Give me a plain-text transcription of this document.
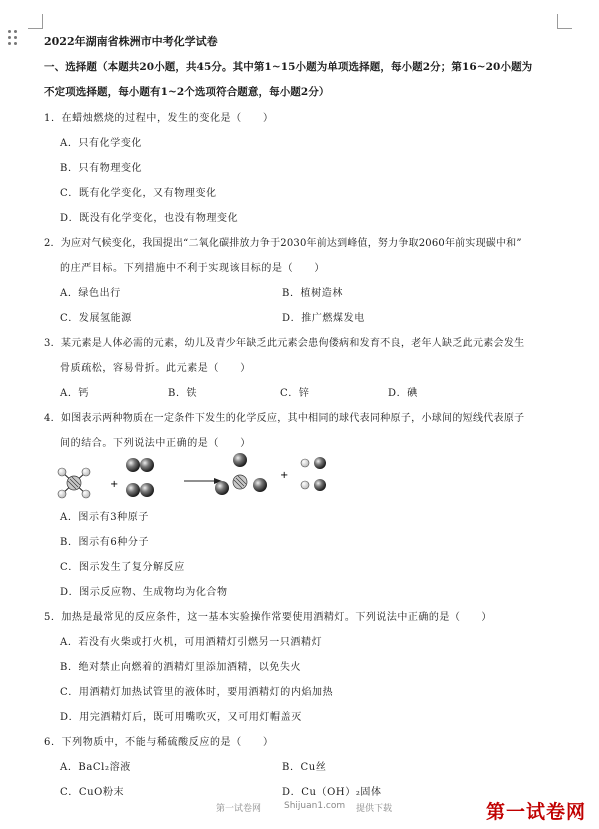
2022年湖南省株洲市中考化学试卷
一、选择题（本题共20小题，共45分。其中第1~15小题为单项选择题，每小题2分；第16~20小题为
不定项选择题，每小题有1~2个选项符合题意，每小题2分）
1．在蜡烛燃烧的过程中，发生的变化是（　　）
A．只有化学变化
B．只有物理变化
C．既有化学变化，又有物理变化
D．既没有化学变化，也没有物理变化
2．为应对气候变化，我国提出“二氧化碳排放力争于2030年前达到峰值，努力争取2060年前实现碳中和”
的庄严目标。下列措施中不利于实现该目标的是（　　）
A．绿色出行	B．植树造林
C．发展氢能源	D．推广燃煤发电
3．某元素是人体必需的元素，幼儿及青少年缺乏此元素会患佝偻病和发育不良，老年人缺乏此元素会发生
骨质疏松，容易骨折。此元素是（　　）
A．钙	B．铁	C．锌	D．碘
4．如图表示两种物质在一定条件下发生的化学反应，其中相同的球代表同种原子，小球间的短线代表原子
间的结合。下列说法中正确的是（　　）
+
+
A．图示有3种原子
B．图示有6种分子
C．图示发生了复分解反应
D．图示反应物、生成物均为化合物
5．加热是最常见的反应条件，这一基本实验操作常要使用酒精灯。下列说法中正确的是（　　）
A．若没有火柴或打火机，可用酒精灯引燃另一只酒精灯
B．绝对禁止向燃着的酒精灯里添加酒精，以免失火
C．用酒精灯加热试管里的液体时，要用酒精灯的内焰加热
D．用完酒精灯后，既可用嘴吹灭，又可用灯帽盖灭
6．下列物质中，不能与稀硫酸反应的是（　　）
A．BaCl₂溶液	B．Cu丝
C．CuO粉末	D．Cu（OH）₂固体
第一试卷网	Shijuan1.com 提供下载	第一试卷网
